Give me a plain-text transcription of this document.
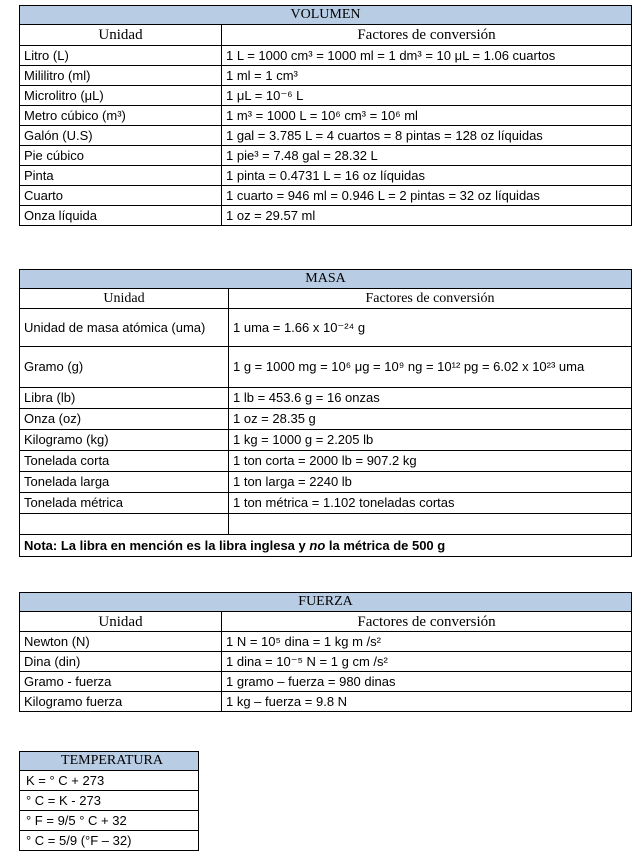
VOLUMEN	
Unidad	Factores de conversión
Litro (L)	1 L = 1000 cm³ = 1000 ml = 1 dm³ = 10 μL = 1.06 cuartos
Mililitro (ml)	1 ml = 1 cm³
Microlitro (μL)	1 μL = 10⁻⁶ L
Metro cúbico (m³)	1 m³ = 1000 L = 10⁶ cm³ = 10⁶ ml
Galón (U.S)	1 gal = 3.785 L = 4 cuartos = 8 pintas = 128 oz líquidas
Pie cúbico	1 pie³ = 7.48 gal = 28.32 L
Pinta	1 pinta = 0.4731 L = 16 oz líquidas
Cuarto	1 cuarto = 946 ml = 0.946 L = 2 pintas = 32 oz líquidas
Onza líquida	1 oz = 29.57 ml
MASA	
Unidad	Factores de conversión
Unidad de masa atómica (uma)	1 uma = 1.66 x 10⁻²⁴ g
Gramo (g)	1 g = 1000 mg = 10⁶ μg = 10⁹ ng = 10¹² pg = 6.02 x 10²³ uma
Libra (lb)	1 lb = 453.6 g = 16 onzas
Onza (oz)	1 oz = 28.35 g
Kilogramo (kg)	1 kg = 1000 g = 2.205 lb
Tonelada corta	1 ton corta = 2000 lb = 907.2 kg
Tonelada larga	1 ton larga = 2240 lb
Tonelada métrica	1 ton métrica = 1.102 toneladas cortas

Nota: La libra en mención es la libra inglesa y no la métrica de 500 g	
FUERZA	
Unidad	Factores de conversión
Newton (N)	1 N = 10⁵ dina = 1 kg m /s²
Dina (din)	1 dina = 10⁻⁵ N = 1 g cm /s²
Gramo - fuerza	1 gramo – fuerza = 980 dinas
Kilogramo fuerza	1 kg – fuerza = 9.8 N
TEMPERATURA
K = ° C + 273
° C = K - 273
° F = 9/5 ° C + 32
° C = 5/9 (°F – 32)
